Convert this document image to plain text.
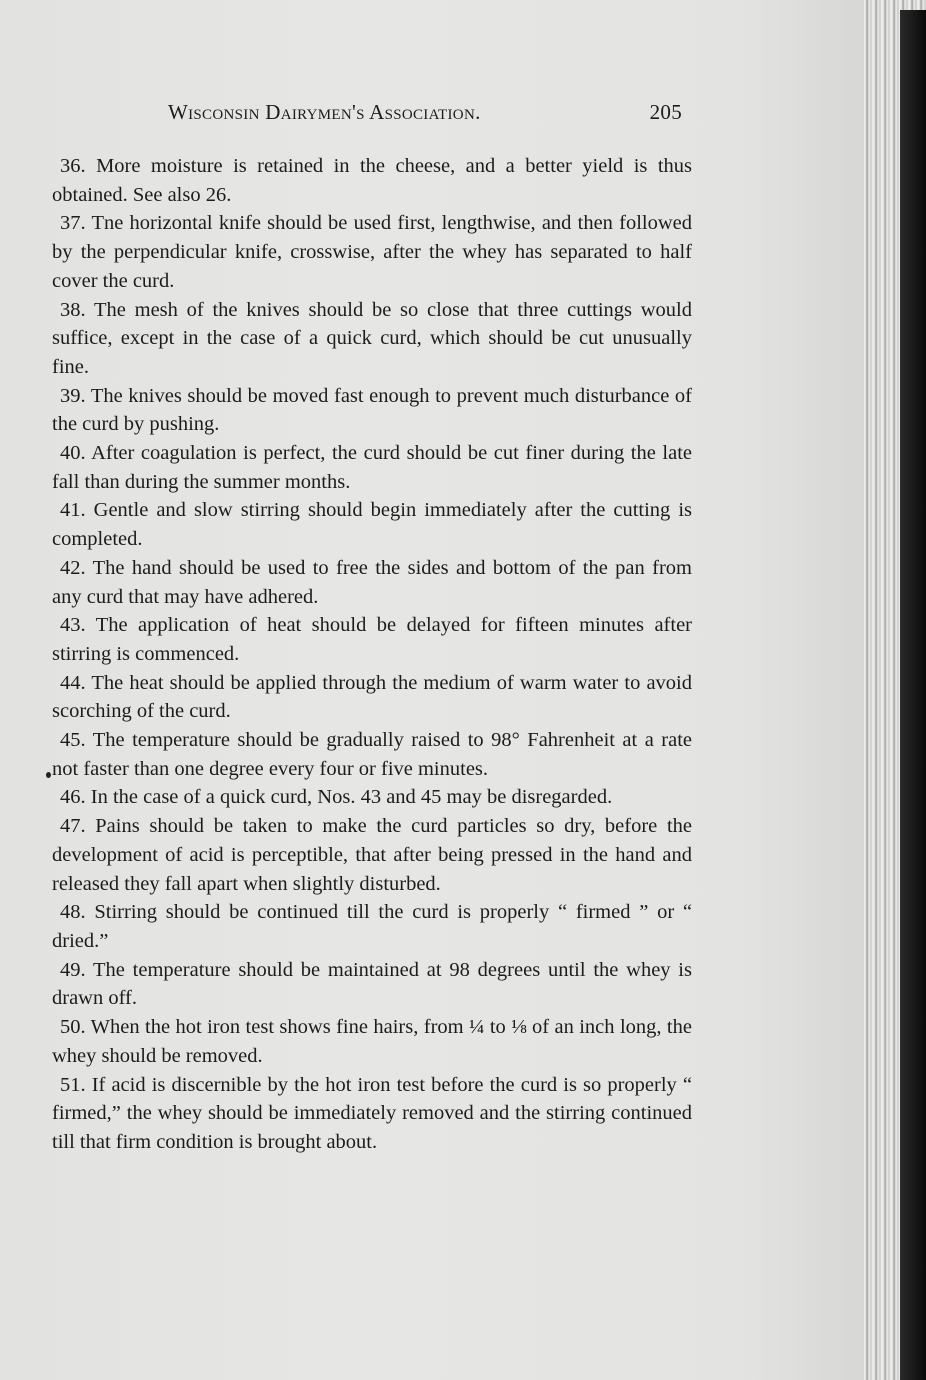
Wisconsin Dairymen's Association.	205

36. More moisture is retained in the cheese, and a better yield is thus obtained. See also 26.

37. Tne horizontal knife should be used first, lengthwise, and then followed by the perpendicular knife, crosswise, after the whey has separated to half cover the curd.

38. The mesh of the knives should be so close that three cuttings would suffice, except in the case of a quick curd, which should be cut unusually fine.

39. The knives should be moved fast enough to prevent much disturbance of the curd by pushing.

40. After coagulation is perfect, the curd should be cut finer during the late fall than during the summer months.

41. Gentle and slow stirring should begin immediately after the cutting is completed.

42. The hand should be used to free the sides and bottom of the pan from any curd that may have adhered.

43. The application of heat should be delayed for fifteen minutes after stirring is commenced.

44. The heat should be applied through the medium of warm water to avoid scorching of the curd.

45. The temperature should be gradually raised to 98° Fahrenheit at a rate not faster than one degree every four or five minutes.

46. In the case of a quick curd, Nos. 43 and 45 may be disregarded.

47. Pains should be taken to make the curd particles so dry, before the development of acid is perceptible, that after being pressed in the hand and released they fall apart when slightly disturbed.

48. Stirring should be continued till the curd is properly “ firmed ” or “ dried.”

49. The temperature should be maintained at 98 degrees until the whey is drawn off.

50. When the hot iron test shows fine hairs, from ¼ to ⅛ of an inch long, the whey should be removed.

51. If acid is discernible by the hot iron test before the curd is so properly “ firmed,” the whey should be immediately removed and the stirring continued till that firm condition is brought about.
